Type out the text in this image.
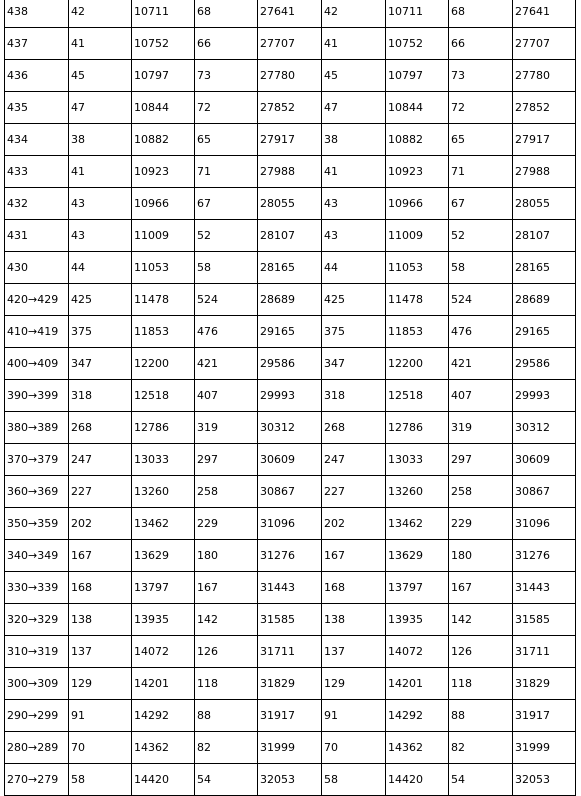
438	42	10711	68	27641	42	10711	68	27641
437	41	10752	66	27707	41	10752	66	27707
436	45	10797	73	27780	45	10797	73	27780
435	47	10844	72	27852	47	10844	72	27852
434	38	10882	65	27917	38	10882	65	27917
433	41	10923	71	27988	41	10923	71	27988
432	43	10966	67	28055	43	10966	67	28055
431	43	11009	52	28107	43	11009	52	28107
430	44	11053	58	28165	44	11053	58	28165
420→429	425	11478	524	28689	425	11478	524	28689
410→419	375	11853	476	29165	375	11853	476	29165
400→409	347	12200	421	29586	347	12200	421	29586
390→399	318	12518	407	29993	318	12518	407	29993
380→389	268	12786	319	30312	268	12786	319	30312
370→379	247	13033	297	30609	247	13033	297	30609
360→369	227	13260	258	30867	227	13260	258	30867
350→359	202	13462	229	31096	202	13462	229	31096
340→349	167	13629	180	31276	167	13629	180	31276
330→339	168	13797	167	31443	168	13797	167	31443
320→329	138	13935	142	31585	138	13935	142	31585
310→319	137	14072	126	31711	137	14072	126	31711
300→309	129	14201	118	31829	129	14201	118	31829
290→299	91	14292	88	31917	91	14292	88	31917
280→289	70	14362	82	31999	70	14362	82	31999
270→279	58	14420	54	32053	58	14420	54	32053
